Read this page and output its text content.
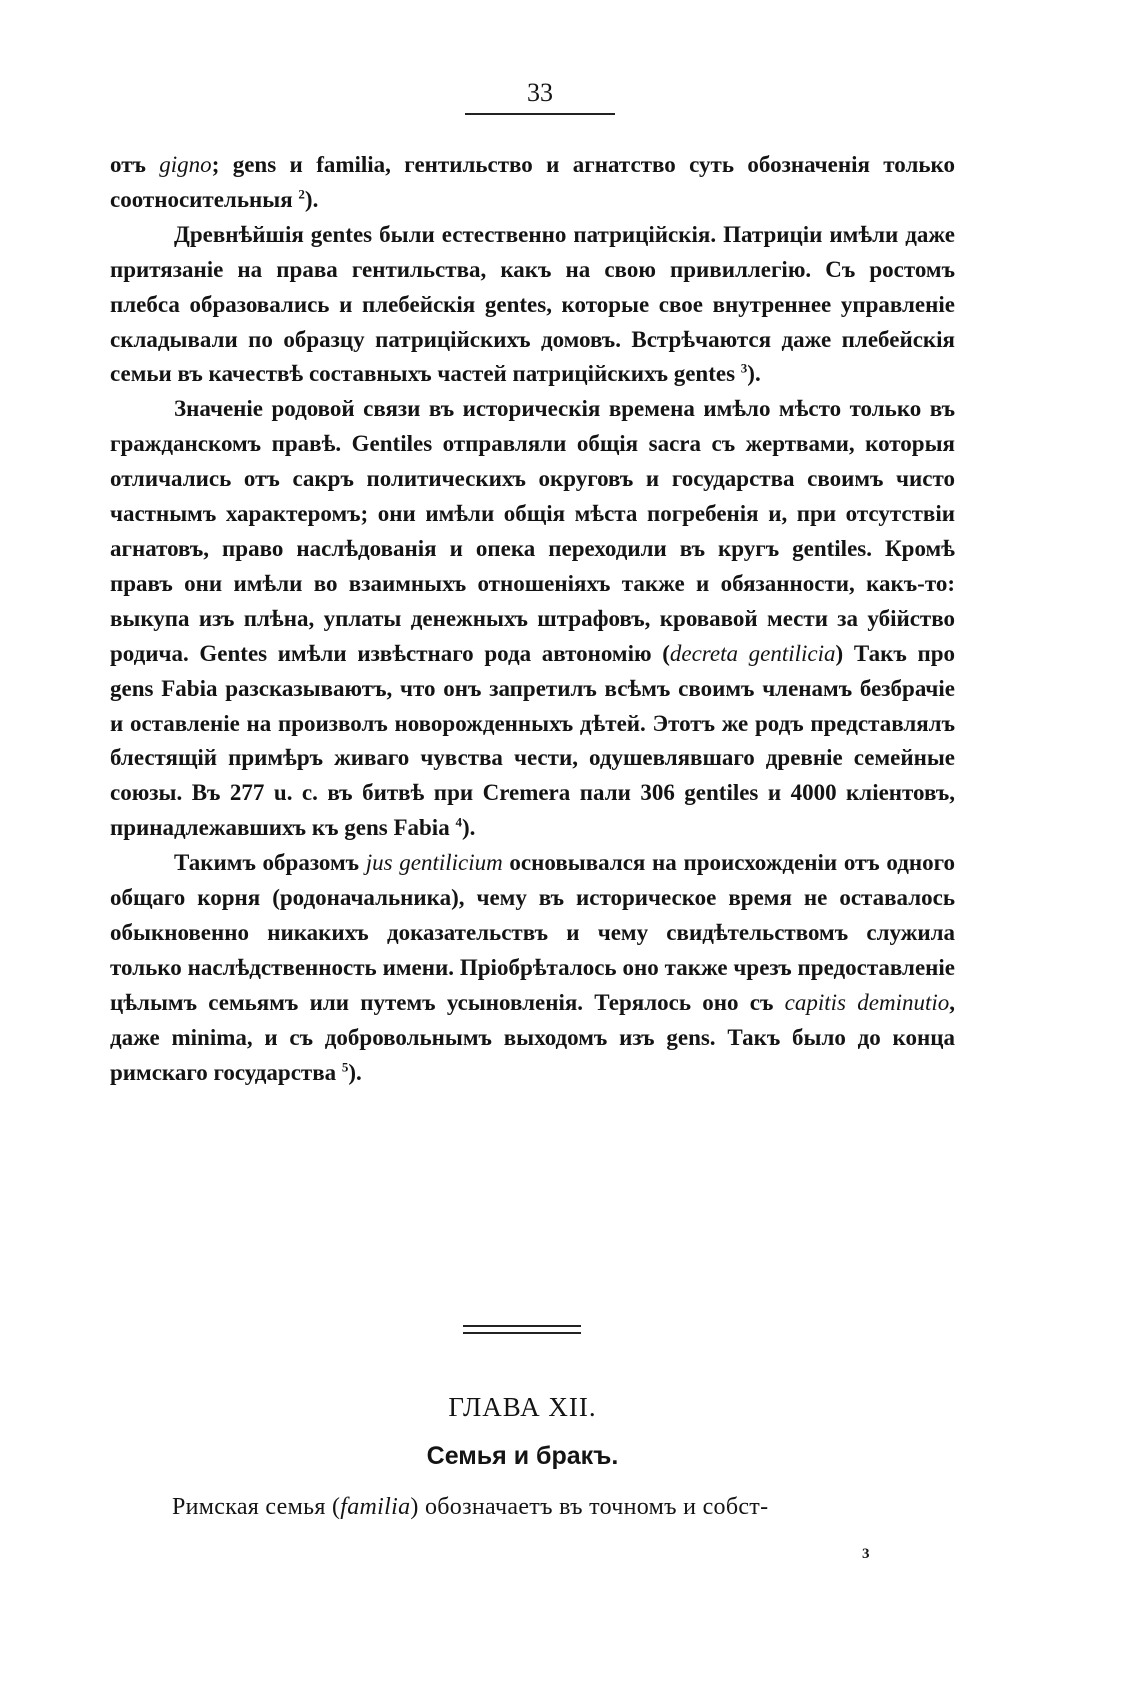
33

отъ gigno; gens и familia, гентильство и агнатство суть обозначенія только соотносительныя $^2$).

Древнѣйшія gentes были естественно патриційскія. Патриціи имѣли даже притязаніе на права гентильства, какъ на свою привиллегію. Съ ростомъ плебса образовались и плебейскія gentes, которые свое внутреннее управленіе складывали по образцу патриційскихъ домовъ. Встрѣчаются даже плебейскія семьи въ качествѣ составныхъ частей патриційскихъ gentes $^3$).

Значеніе родовой связи въ историческія времена имѣло мѣсто только въ гражданскомъ правѣ. Gentiles отправляли общія sacra съ жертвами, которыя отличались отъ сакръ политическихъ округовъ и государства своимъ чисто частнымъ характеромъ; они имѣли общія мѣста погребенія и, при отсутствіи агнатовъ, право наслѣдованія и опека переходили въ кругъ gentiles. Кромѣ правъ они имѣли во взаимныхъ отношеніяхъ также и обязанности, какъ-то: выкупа изъ плѣна, уплаты денежныхъ штрафовъ, кровавой мести за убійство родича. Gentes имѣли извѣстнаго рода автономію (decreta gentilicia) Такъ про gens Fabia разсказываютъ, что онъ запретилъ всѣмъ своимъ членамъ безбрачіе и оставленіе на произволъ новорожденныхъ дѣтей. Этотъ же родъ представлялъ блестящій примѣръ живаго чувства чести, одушевлявшаго древніе семейные союзы. Въ 277 u. c. въ битвѣ при Cremera пали 306 gentiles и 4000 кліентовъ, принадлежавшихъ къ gens Fabia $^4$).

Такимъ образомъ jus gentilicium основывался на происхожденіи отъ одного общаго корня (родоначальника), чему въ историческое время не оставалось обыкновенно никакихъ доказательствъ и чему свидѣтельствомъ служила только наслѣдственность имени. Пріобрѣталось оно также чрезъ предоставленіе цѣлымъ семьямъ или путемъ усыновленія. Терялось оно съ capitis deminutio, даже minima, и съ добровольнымъ выходомъ изъ gens. Такъ было до конца римскаго государства $^5$).

ГЛАВА XII.
Семья и бракъ.
Римская семья (familia) обозначаетъ въ точномъ и собст-
3
